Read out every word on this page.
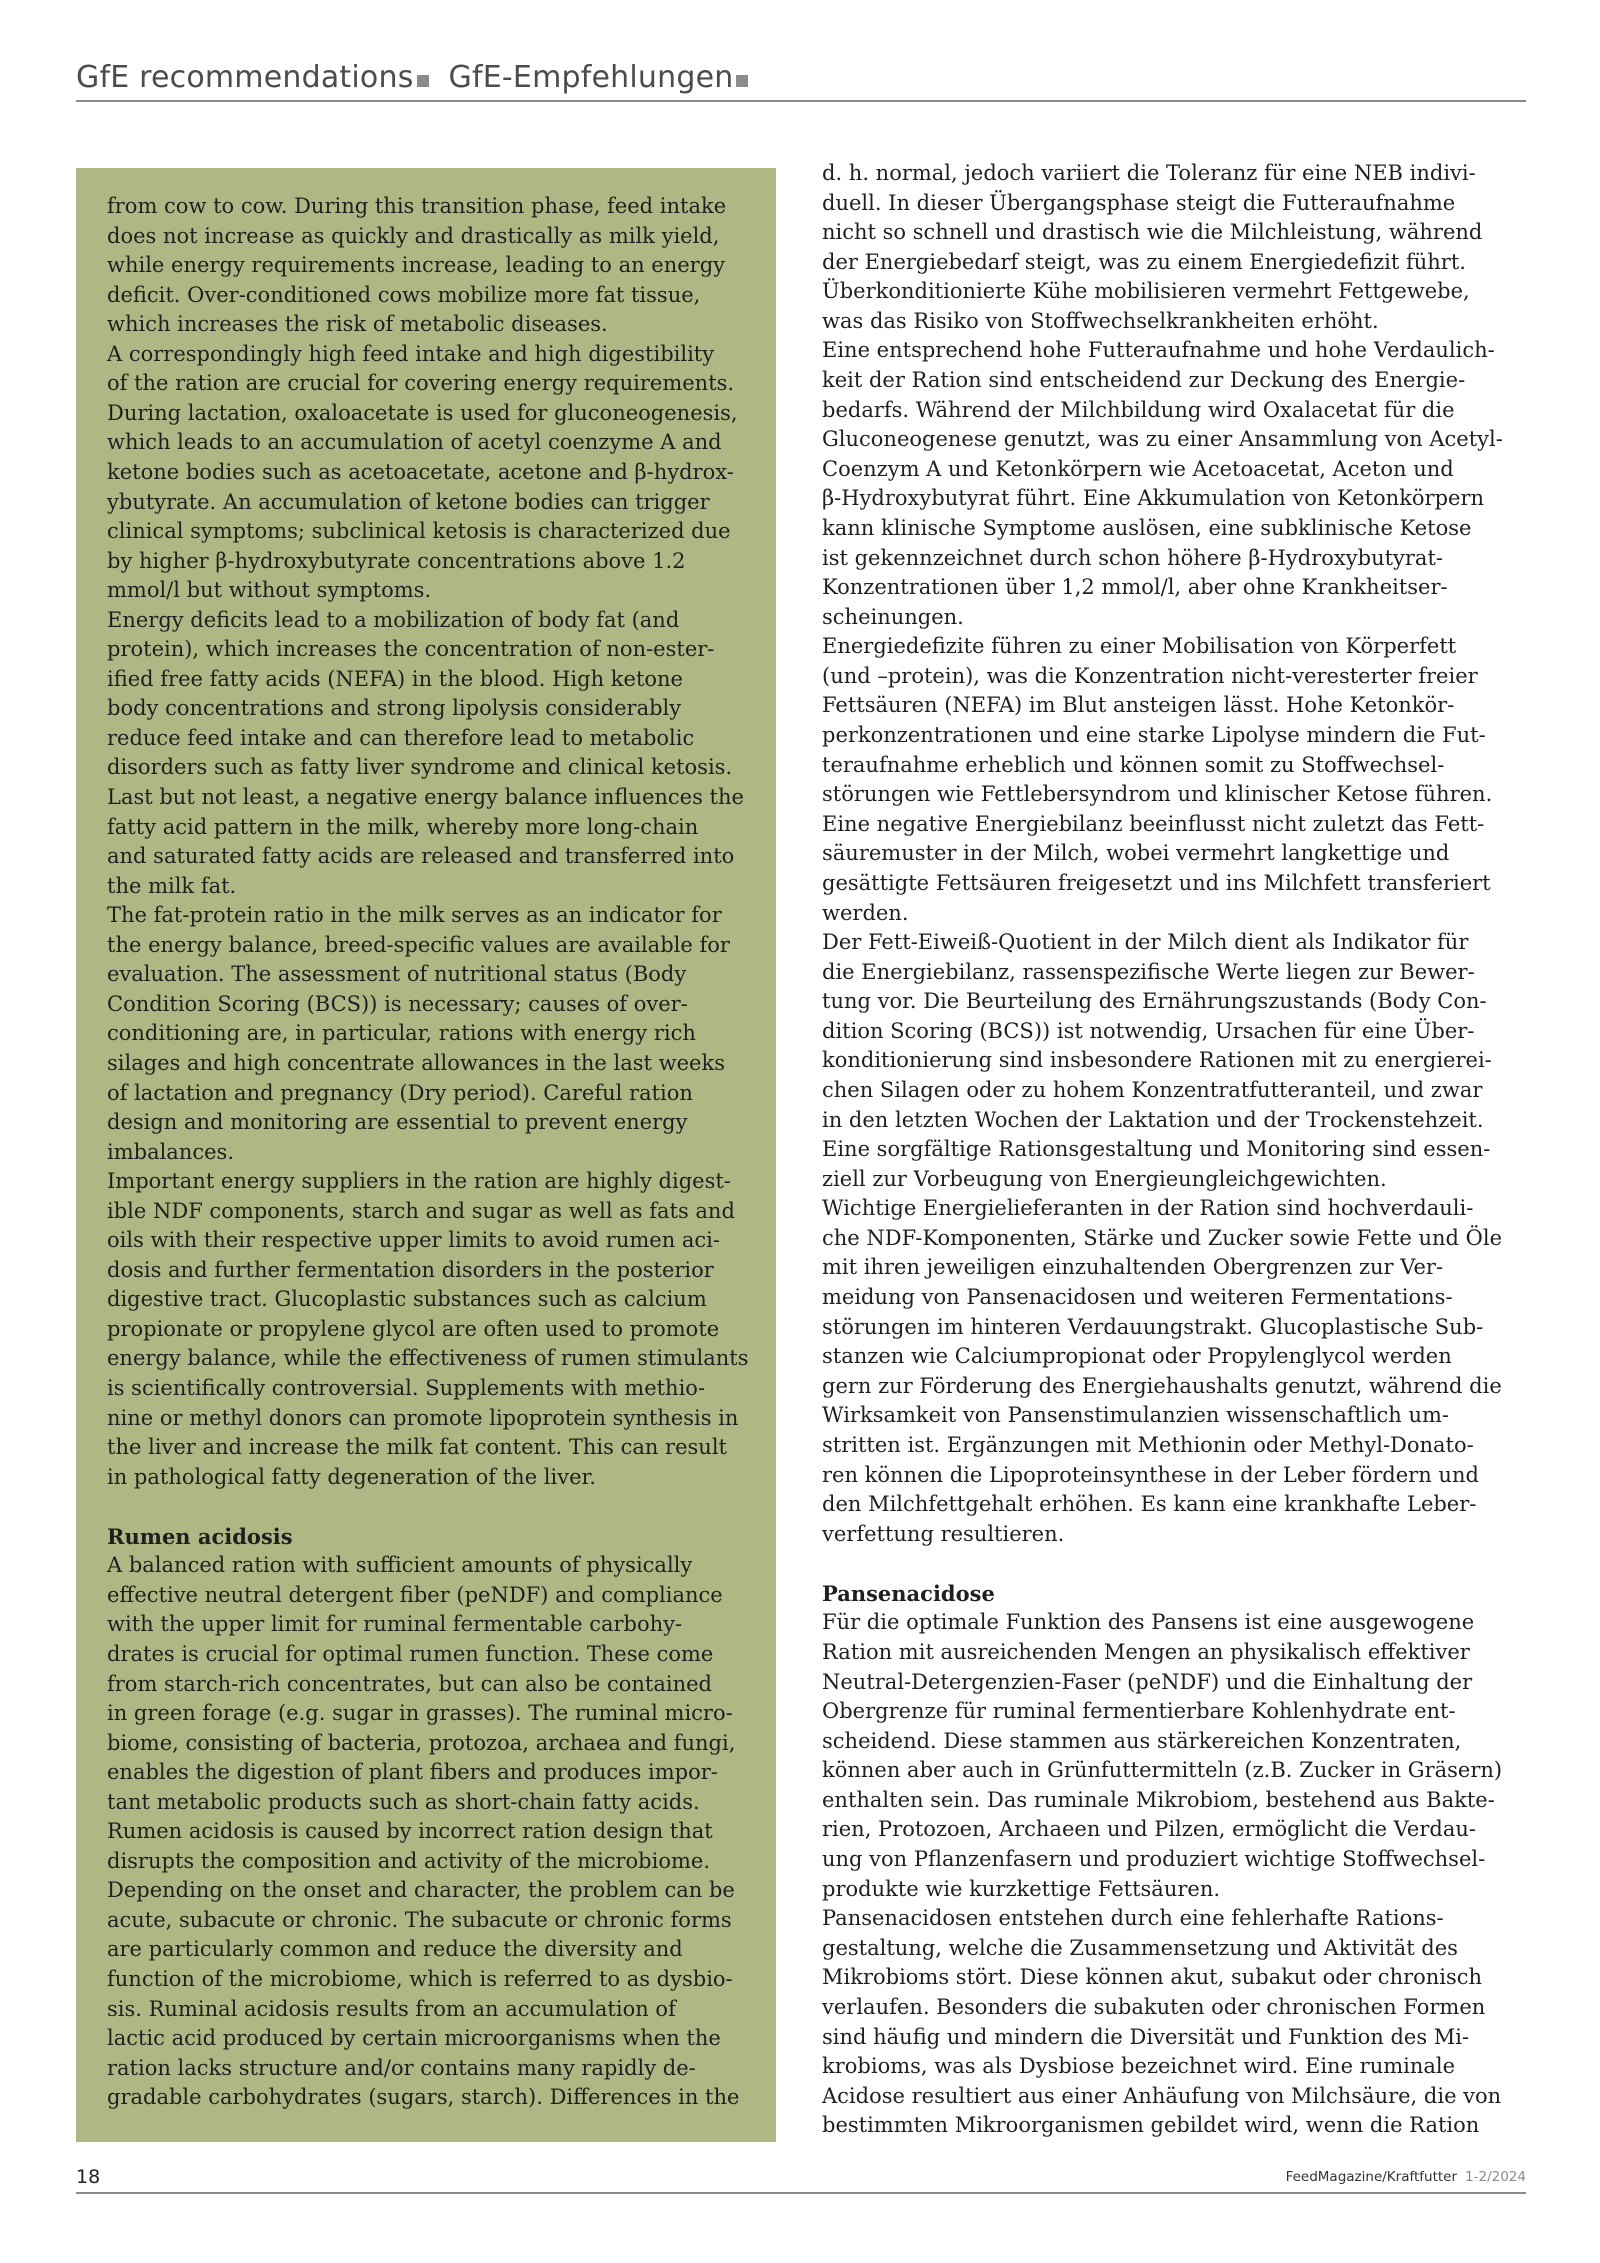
GfE recommendations GfE-Empfehlungen
from cow to cow. During this transition phase, feed intake
does not increase as quickly and drastically as milk yield,
while energy requirements increase, leading to an energy
deficit. Over-conditioned cows mobilize more fat tissue,
which increases the risk of metabolic diseases.
A correspondingly high feed intake and high digestibility
of the ration are crucial for covering energy requirements.
During lactation, oxaloacetate is used for gluconeogenesis,
which leads to an accumulation of acetyl coenzyme A and
ketone bodies such as acetoacetate, acetone and β-hydrox-
ybutyrate. An accumulation of ketone bodies can trigger
clinical symptoms; subclinical ketosis is characterized due
by higher β-hydroxybutyrate concentrations above 1.2
mmol/l but without symptoms.
Energy deficits lead to a mobilization of body fat (and
protein), which increases the concentration of non-ester-
ified free fatty acids (NEFA) in the blood. High ketone
body concentrations and strong lipolysis considerably
reduce feed intake and can therefore lead to metabolic
disorders such as fatty liver syndrome and clinical ketosis.
Last but not least, a negative energy balance influences the
fatty acid pattern in the milk, whereby more long-chain
and saturated fatty acids are released and transferred into
the milk fat.
The fat-protein ratio in the milk serves as an indicator for
the energy balance, breed-specific values are available for
evaluation. The assessment of nutritional status (Body
Condition Scoring (BCS)) is necessary; causes of over-
conditioning are, in particular, rations with energy rich
silages and high concentrate allowances in the last weeks
of lactation and pregnancy (Dry period). Careful ration
design and monitoring are essential to prevent energy
imbalances.
Important energy suppliers in the ration are highly digest-
ible NDF components, starch and sugar as well as fats and
oils with their respective upper limits to avoid rumen aci-
dosis and further fermentation disorders in the posterior
digestive tract. Glucoplastic substances such as calcium
propionate or propylene glycol are often used to promote
energy balance, while the effectiveness of rumen stimulants
is scientifically controversial. Supplements with methio-
nine or methyl donors can promote lipoprotein synthesis in
the liver and increase the milk fat content. This can result
in pathological fatty degeneration of the liver.
Rumen acidosis
A balanced ration with sufficient amounts of physically
effective neutral detergent fiber (peNDF) and compliance
with the upper limit for ruminal fermentable carbohy-
drates is crucial for optimal rumen function. These come
from starch-rich concentrates, but can also be contained
in green forage (e.g. sugar in grasses). The ruminal micro-
biome, consisting of bacteria, protozoa, archaea and fungi,
enables the digestion of plant fibers and produces impor-
tant metabolic products such as short-chain fatty acids.
Rumen acidosis is caused by incorrect ration design that
disrupts the composition and activity of the microbiome.
Depending on the onset and character, the problem can be
acute, subacute or chronic. The subacute or chronic forms
are particularly common and reduce the diversity and
function of the microbiome, which is referred to as dysbio-
sis. Ruminal acidosis results from an accumulation of
lactic acid produced by certain microorganisms when the
ration lacks structure and/or contains many rapidly de-
gradable carbohydrates (sugars, starch). Differences in the
d. h. normal, jedoch variiert die Toleranz für eine NEB indivi-
duell. In dieser Übergangsphase steigt die Futteraufnahme
nicht so schnell und drastisch wie die Milchleistung, während
der Energiebedarf steigt, was zu einem Energiedefizit führt.
Überkonditionierte Kühe mobilisieren vermehrt Fettgewebe,
was das Risiko von Stoffwechselkrankheiten erhöht.
Eine entsprechend hohe Futteraufnahme und hohe Verdaulich-
keit der Ration sind entscheidend zur Deckung des Energie-
bedarfs. Während der Milchbildung wird Oxalacetat für die
Gluconeogenese genutzt, was zu einer Ansammlung von Acetyl-
Coenzym A und Ketonkörpern wie Acetoacetat, Aceton und
β-Hydroxybutyrat führt. Eine Akkumulation von Ketonkörpern
kann klinische Symptome auslösen, eine subklinische Ketose
ist gekennzeichnet durch schon höhere β-Hydroxybutyrat-
Konzentrationen über 1,2 mmol/l, aber ohne Krankheitser-
scheinungen.
Energiedefizite führen zu einer Mobilisation von Körperfett
(und –protein), was die Konzentration nicht-veresterter freier
Fettsäuren (NEFA) im Blut ansteigen lässt. Hohe Ketonkör-
perkonzentrationen und eine starke Lipolyse mindern die Fut-
teraufnahme erheblich und können somit zu Stoffwechsel-
störungen wie Fettlebersyndrom und klinischer Ketose führen.
Eine negative Energiebilanz beeinflusst nicht zuletzt das Fett-
säuremuster in der Milch, wobei vermehrt langkettige und
gesättigte Fettsäuren freigesetzt und ins Milchfett transferiert
werden.
Der Fett-Eiweiß-Quotient in der Milch dient als Indikator für
die Energiebilanz, rassenspezifische Werte liegen zur Bewer-
tung vor. Die Beurteilung des Ernährungszustands (Body Con-
dition Scoring (BCS)) ist notwendig, Ursachen für eine Über-
konditionierung sind insbesondere Rationen mit zu energierei-
chen Silagen oder zu hohem Konzentratfutteranteil, und zwar
in den letzten Wochen der Laktation und der Trockenstehzeit.
Eine sorgfältige Rationsgestaltung und Monitoring sind essen-
ziell zur Vorbeugung von Energieungleichgewichten.
Wichtige Energielieferanten in der Ration sind hochverdauli-
che NDF-Komponenten, Stärke und Zucker sowie Fette und Öle
mit ihren jeweiligen einzuhaltenden Obergrenzen zur Ver-
meidung von Pansenacidosen und weiteren Fermentations-
störungen im hinteren Verdauungstrakt. Glucoplastische Sub-
stanzen wie Calciumpropionat oder Propylenglycol werden
gern zur Förderung des Energiehaushalts genutzt, während die
Wirksamkeit von Pansenstimulanzien wissenschaftlich um-
stritten ist. Ergänzungen mit Methionin oder Methyl-Donato-
ren können die Lipoproteinsynthese in der Leber fördern und
den Milchfettgehalt erhöhen. Es kann eine krankhafte Leber-
verfettung resultieren.
Pansenacidose
Für die optimale Funktion des Pansens ist eine ausgewogene
Ration mit ausreichenden Mengen an physikalisch effektiver
Neutral-Detergenzien-Faser (peNDF) und die Einhaltung der
Obergrenze für ruminal fermentierbare Kohlenhydrate ent-
scheidend. Diese stammen aus stärkereichen Konzentraten,
können aber auch in Grünfuttermitteln (z.B. Zucker in Gräsern)
enthalten sein. Das ruminale Mikrobiom, bestehend aus Bakte-
rien, Protozoen, Archaeen und Pilzen, ermöglicht die Verdau-
ung von Pflanzenfasern und produziert wichtige Stoffwechsel-
produkte wie kurzkettige Fettsäuren.
Pansenacidosen entstehen durch eine fehlerhafte Rations-
gestaltung, welche die Zusammensetzung und Aktivität des
Mikrobioms stört. Diese können akut, subakut oder chronisch
verlaufen. Besonders die subakuten oder chronischen Formen
sind häufig und mindern die Diversität und Funktion des Mi-
krobioms, was als Dysbiose bezeichnet wird. Eine ruminale
Acidose resultiert aus einer Anhäufung von Milchsäure, die von
bestimmten Mikroorganismen gebildet wird, wenn die Ration
18	FeedMagazine/Kraftfutter 1-2/2024
